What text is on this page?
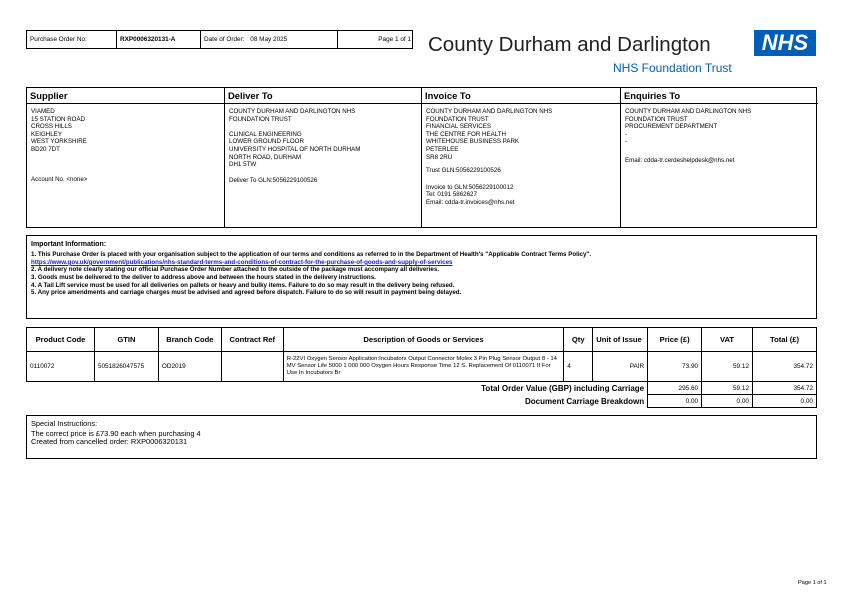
Purchase Order No:	RXP0006320131-A	Date of Order: 08 May 2025	Page 1 of 1 County Durham and Darlington	NHS
NHS Foundation Trust
Supplier
VIAMED
15 STATION ROAD
CROSS HILLS
KEIGHLEY
WEST YORKSHIRE
BD20 7DT
Account No. <none>
Deliver To
COUNTY DURHAM AND DARLINGTON NHS
FOUNDATION TRUST
CLINICAL ENGINEERING
LOWER GROUND FLOOR
UNIVERSITY HOSPITAL OF NORTH DURHAM
NORTH ROAD, DURHAM
DH1 5TW
Deliver To GLN:5056229100526
Invoice To
COUNTY DURHAM AND DARLINGTON NHS
FOUNDATION TRUST
FINANCIAL SERVICES
THE CENTRE FOR HEALTH
WHITEHOUSE BUSINESS PARK
PETERLEE
SR8 2RU
Trust GLN:5056229100526
Invoice to GLN:5056229100012
Tel: 0191 5862627
Email: cdda-tr.invoices@nhs.net
Enquiries To
COUNTY DURHAM AND DARLINGTON NHS
FOUNDATION TRUST
PROCUREMENT DEPARTMENT
-
-
Email: cdda-tr.cerdeshelpdesk@nhs.net
Important Information:
1. This Purchase Order is placed with your organisation subject to the application of our terms and conditions as referred to in the Department of Health's "Applicable Contract Terms Policy".
https://www.gov.uk/government/publications/nhs-standard-terms-and-conditions-of-contract-for-the-purchase-of-goods-and-supply-of-services
2. A delivery note clearly stating our official Purchase Order Number attached to the outside of the package must accompany all deliveries.
3. Goods must be delivered to the deliver to address above and between the hours stated in the delivery instructions.
4. A Tail Lift service must be used for all deliveries on pallets or heavy and bulky items. Failure to do so may result in the delivery being refused.
5. Any price amendments and carriage charges must be advised and agreed before dispatch. Failure to do so will result in payment being delayed.
Product Code	GTIN	Branch Code	Contract Ref	Description of Goods or Services	Qty	Unit of Issue	Price (£)	VAT	Total (£)
0110072	5051826047575	OD2019		R-22VI Oxygen Sensor Application:Incubators Output Connector Molex 3 Pin Plug Sensor Output 8 - 14 MV Sensor Life 5000 1 000 000 Oxygen Hours Response Time 12 S. Replacement Of 0110071 If For Use In Incubators Br	4	PAIR	73.90	59.12	354.72
Total Order Value (GBP) including Carriage							295.60	59.12	354.72
Document Carriage Breakdown							0.00	0.00	0.00
Special Instructions:
The correct price is £73.90 each when purchasing 4
Created from cancelled order: RXP0006320131
Page 1 of 1
